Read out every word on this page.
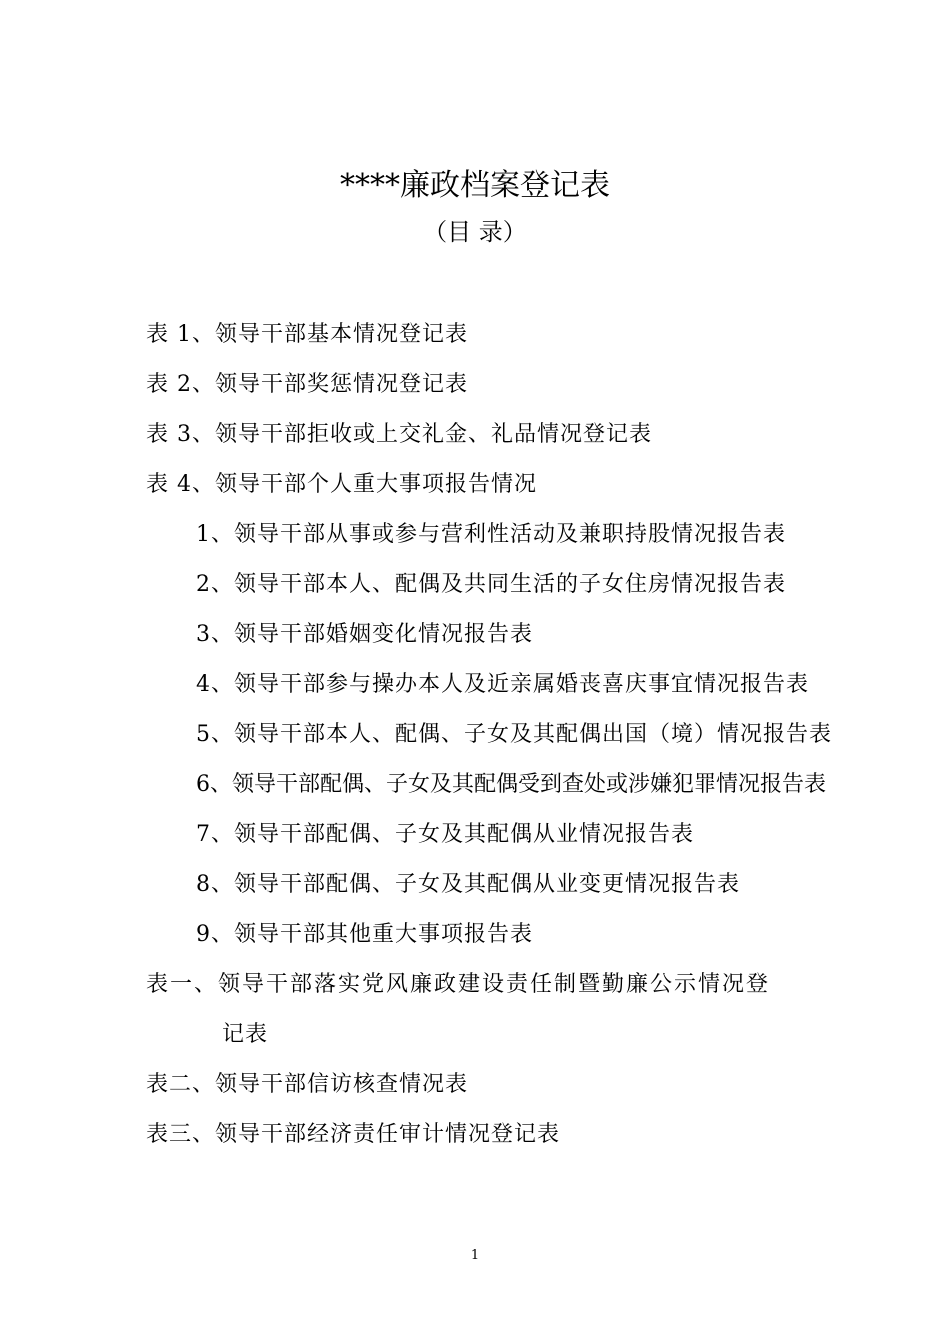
****廉政档案登记表
（目 录）
表 1、领导干部基本情况登记表
表 2、领导干部奖惩情况登记表
表 3、领导干部拒收或上交礼金、礼品情况登记表
表 4、领导干部个人重大事项报告情况
1、领导干部从事或参与营利性活动及兼职持股情况报告表
2、领导干部本人、配偶及共同生活的子女住房情况报告表
3、领导干部婚姻变化情况报告表
4、领导干部参与操办本人及近亲属婚丧喜庆事宜情况报告表
5、领导干部本人、配偶、子女及其配偶出国（境）情况报告表
6、领导干部配偶、子女及其配偶受到查处或涉嫌犯罪情况报告表
7、领导干部配偶、子女及其配偶从业情况报告表
8、领导干部配偶、子女及其配偶从业变更情况报告表
9、领导干部其他重大事项报告表
表一、领导干部落实党风廉政建设责任制暨勤廉公示情况登
记表
表二、领导干部信访核查情况表
表三、领导干部经济责任审计情况登记表
1
